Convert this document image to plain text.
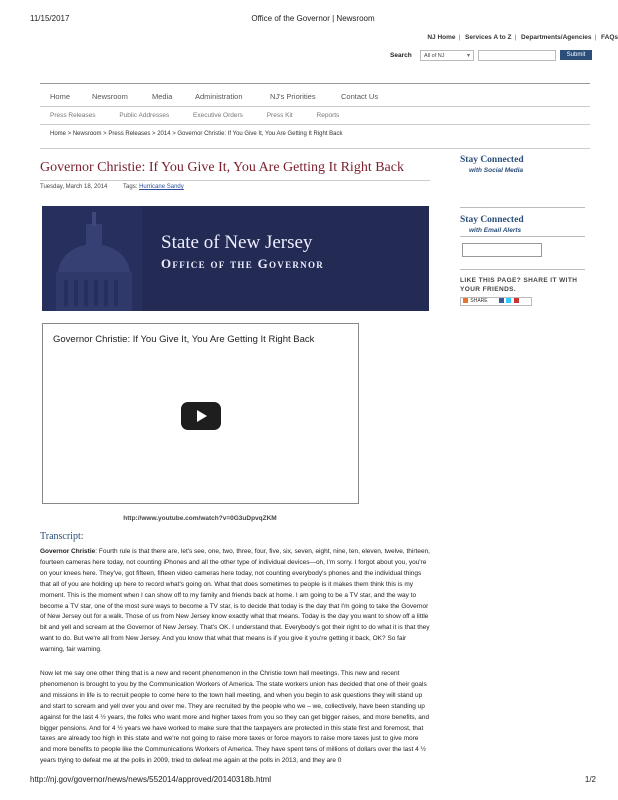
11/15/2017	Office of the Governor | Newsroom
NJ Home | Services A to Z | Departments/Agencies | FAQs
Search	All of NJ	▾	Submit
Home	Newsroom	Media	Administration	NJ's Priorities	Contact Us
Press Releases	Public Addresses	Executive Orders	Press Kit	Reports
Home > Newsroom > Press Releases > 2014 > Governor Christie: If You Give It, You Are Getting It Right Back
Governor Christie: If You Give It, You Are Getting It Right Back
Tuesday, March 18, 2014	Tags: Hurricane Sandy
State of New Jersey
Office of the Governor
Governor Christie: If You Give It, You Are Getting It Right Back
http://www.youtube.com/watch?v=0G3uDpvqZKM
Transcript:
Governor Christie: Fourth rule is that there are, let's see, one, two, three, four, five, six, seven, eight, nine, ten, eleven, twelve, thirteen, fourteen cameras here today, not counting iPhones and all the other type of individual devices—oh, I'm sorry. I forgot about you, you're on your knees here. They've, got fifteen, fifteen video cameras here today, not counting everybody's phones and the individual things that all of you are holding up here to record what's going on. What that does sometimes to people is it makes them think this is my moment. This is the moment when I can show off to my family and friends back at home. I am going to be a TV star, and the way to become a TV star, one of the most sure ways to become a TV star, is to decide that today is the day that I'm going to take the Governor of New Jersey out for a walk. Those of us from New Jersey know exactly what that means. Today is the day you want to show off a little bit and yell and scream at the Governor of New Jersey. That's OK. I understand that. Everybody's got their right to do what it is that they want to do. But we're all from New Jersey. And you know that what that means is if you give it you're getting it back, OK? So fair warning, fair warning.
Now let me say one other thing that is a new and recent phenomenon in the Christie town hall meetings. This new and recent phenomenon is brought to you by the Communication Workers of America. The state workers union has decided that one of their goals and missions in life is to recruit people to come here to the town hall meeting, and when you begin to ask questions they will stand up and start to scream and yell over you and over me. They are recruited by the people who we – we, collectively, have been standing up against for the last 4 ½ years, the folks who want more and higher taxes from you so they can get bigger raises, and more benefits, and bigger pensions. And for 4 ½ years we have worked to make sure that the taxpayers are protected in this state first and foremost, that taxes are already too high in this state and we're not going to raise more taxes or force mayors to raise more taxes just to give more and more benefits to people like the Communications Workers of America. They have spent tens of millions of dollars over the last 4 ½ years trying to defeat me at the polls in 2009, tried to defeat me again at the polls in 2013, and they are 0
Stay Connected
with Social Media
Stay Connected
with Email Alerts
LIKE THIS PAGE? SHARE IT WITH YOUR FRIENDS.
SHARE
http://nj.gov/governor/news/news/552014/approved/20140318b.html	1/2
